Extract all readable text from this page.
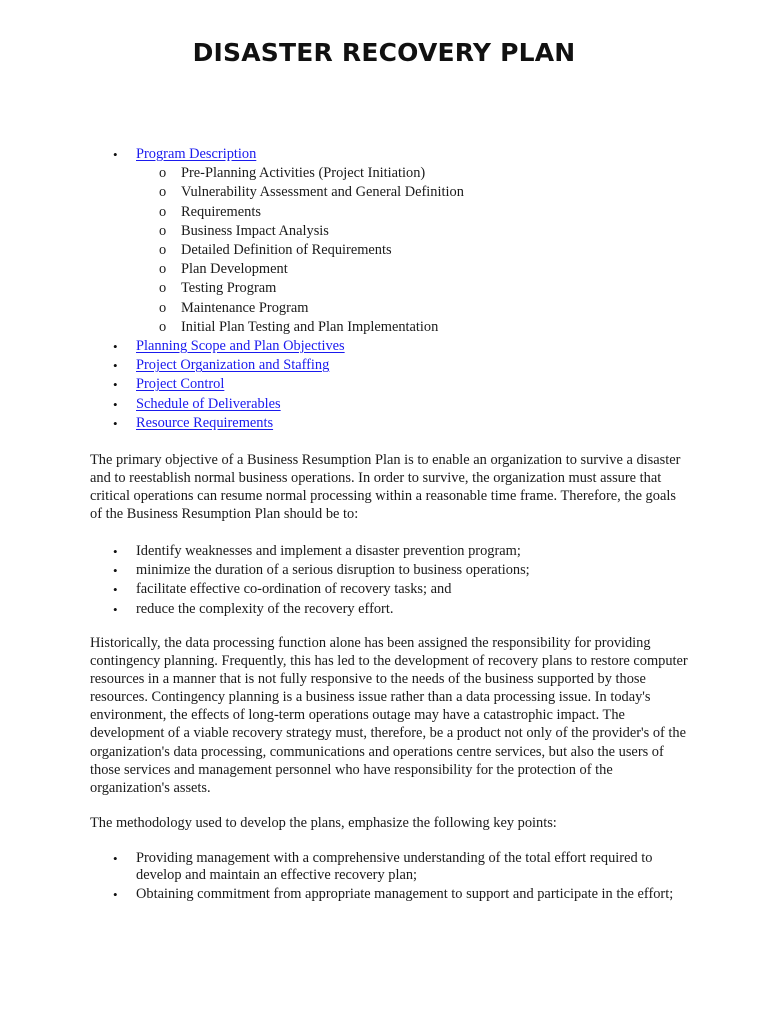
DISASTER RECOVERY PLAN
• Program Description
o Pre-Planning Activities (Project Initiation)
o Vulnerability Assessment and General Definition
o Requirements
o Business Impact Analysis
o Detailed Definition of Requirements
o Plan Development
o Testing Program
o Maintenance Program
o Initial Plan Testing and Plan Implementation
• Planning Scope and Plan Objectives
• Project Organization and Staffing
• Project Control
• Schedule of Deliverables
• Resource Requirements

The primary objective of a Business Resumption Plan is to enable an organization to survive a disaster and to reestablish normal business operations. In order to survive, the organization must assure that critical operations can resume normal processing within a reasonable time frame. Therefore, the goals of the Business Resumption Plan should be to:

• Identify weaknesses and implement a disaster prevention program;
• minimize the duration of a serious disruption to business operations;
• facilitate effective co-ordination of recovery tasks; and
• reduce the complexity of the recovery effort.

Historically, the data processing function alone has been assigned the responsibility for providing contingency planning. Frequently, this has led to the development of recovery plans to restore computer resources in a manner that is not fully responsive to the needs of the business supported by those resources. Contingency planning is a business issue rather than a data processing issue. In today's environment, the effects of long-term operations outage may have a catastrophic impact. The development of a viable recovery strategy must, therefore, be a product not only of the provider's of the organization's data processing, communications and operations centre services, but also the users of those services and management personnel who have responsibility for the protection of the organization's assets.

The methodology used to develop the plans, emphasize the following key points:

• Providing management with a comprehensive understanding of the total effort required to develop and maintain an effective recovery plan;
• Obtaining commitment from appropriate management to support and participate in the effort;
